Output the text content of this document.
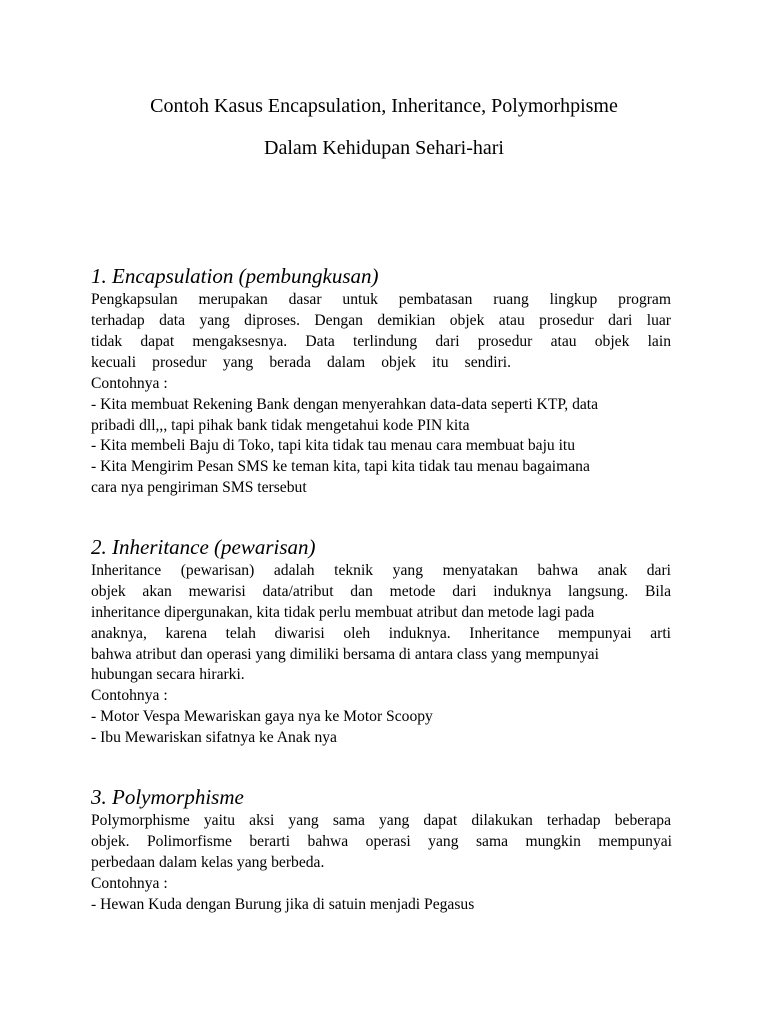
Contoh Kasus Encapsulation, Inheritance, Polymorhpisme
Dalam Kehidupan Sehari-hari
1. Encapsulation (pembungkusan)
Pengkapsulan merupakan dasar untuk pembatasan ruang lingkup program
terhadap data yang diproses. Dengan demikian objek atau prosedur dari luar
tidak dapat mengaksesnya. Data terlindung dari prosedur atau objek lain
kecuali prosedur yang berada dalam objek itu sendiri.
Contohnya :
- Kita membuat Rekening Bank dengan menyerahkan data-data seperti KTP, data
pribadi dll,,, tapi pihak bank tidak mengetahui kode PIN kita
- Kita membeli Baju di Toko, tapi kita tidak tau menau cara membuat baju itu
- Kita Mengirim Pesan SMS ke teman kita, tapi kita tidak tau menau bagaimana
cara nya pengiriman SMS tersebut
2. Inheritance (pewarisan)
Inheritance (pewarisan) adalah teknik yang menyatakan bahwa anak dari
objek akan mewarisi data/atribut dan metode dari induknya langsung. Bila
inheritance dipergunakan, kita tidak perlu membuat atribut dan metode lagi pada
anaknya, karena telah diwarisi oleh induknya. Inheritance mempunyai arti
bahwa atribut dan operasi yang dimiliki bersama di antara class yang mempunyai
hubungan secara hirarki.
Contohnya :
- Motor Vespa Mewariskan gaya nya ke Motor Scoopy
- Ibu Mewariskan sifatnya ke Anak nya
3. Polymorphisme
Polymorphisme yaitu aksi yang sama yang dapat dilakukan terhadap beberapa
objek. Polimorfisme berarti bahwa operasi yang sama mungkin mempunyai
perbedaan dalam kelas yang berbeda.
Contohnya :
- Hewan Kuda dengan Burung jika di satuin menjadi Pegasus
